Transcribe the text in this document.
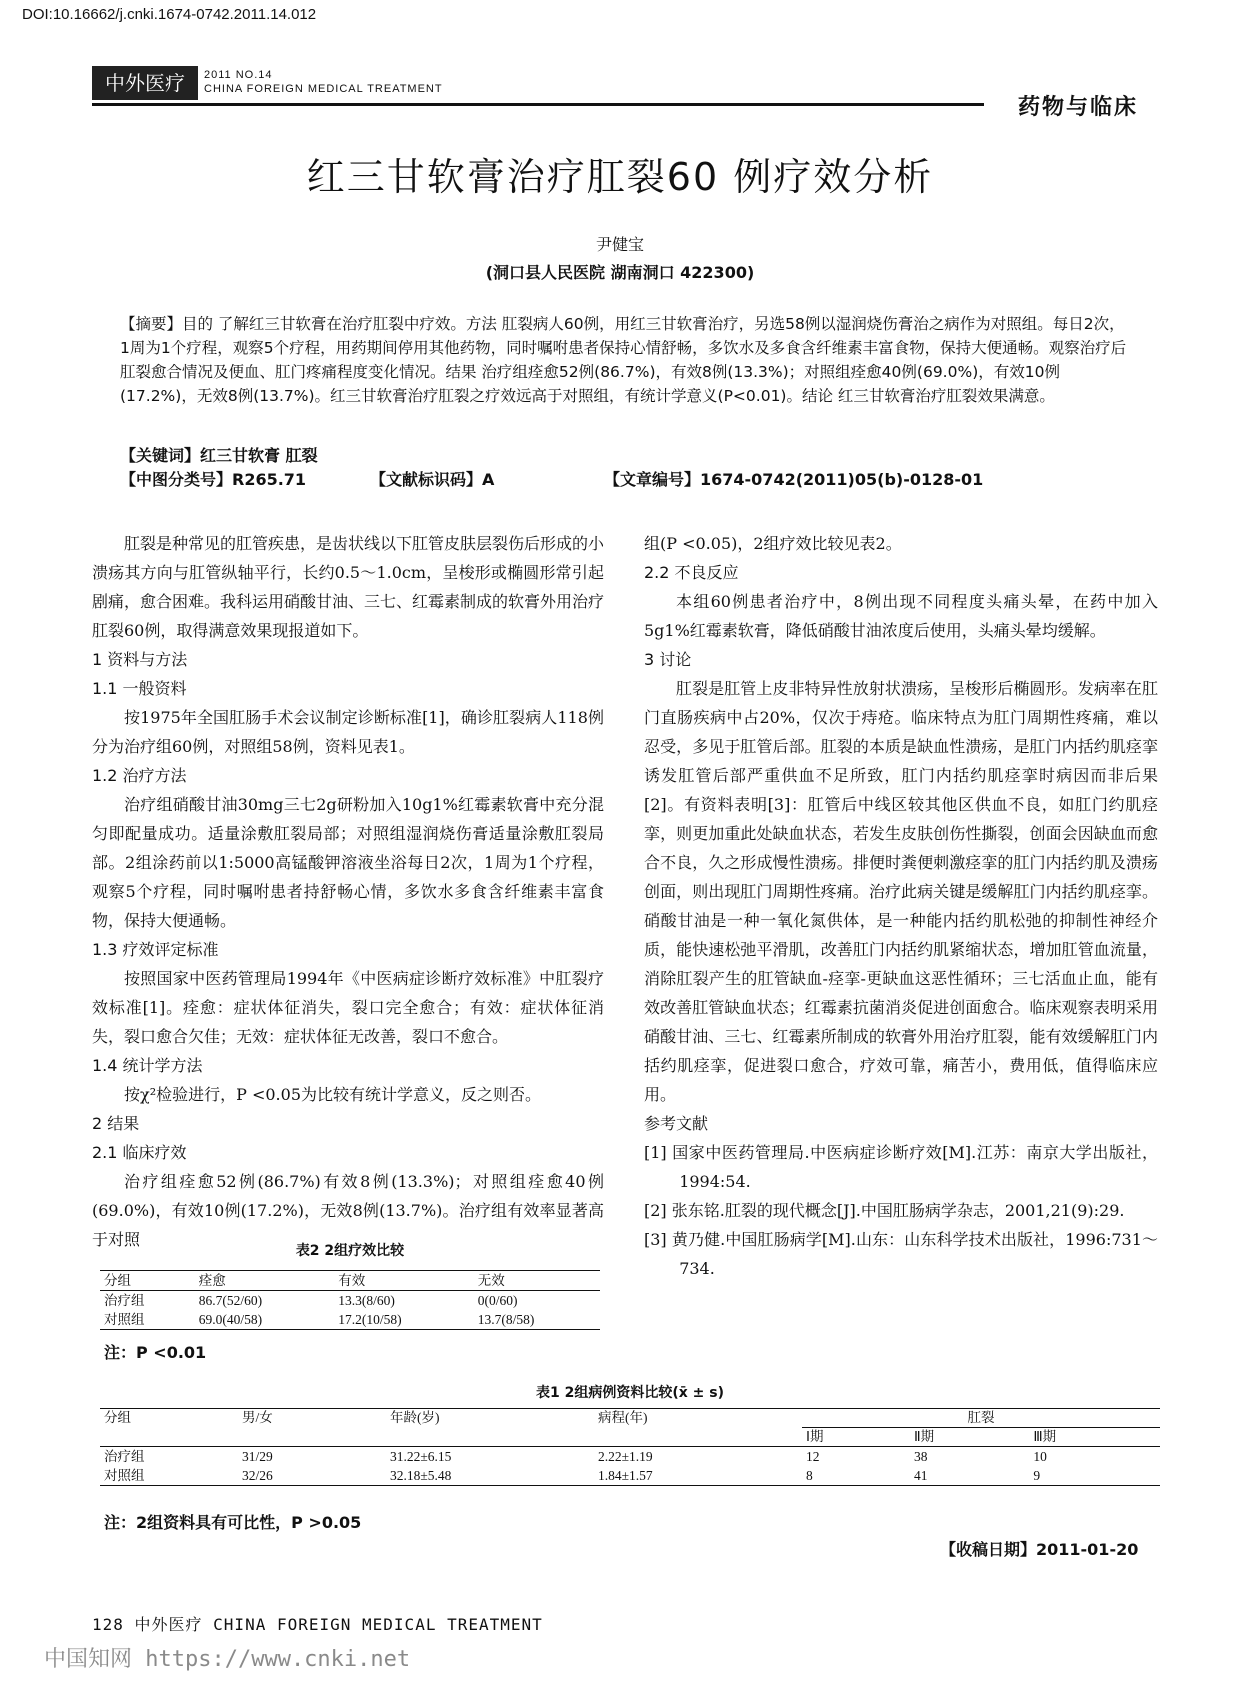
DOI:10.16662/j.cnki.1674-0742.2011.14.012
中外医疗	2011 NO.14
CHINA FOREIGN MEDICAL TREATMENT
药物与临床
红三甘软膏治疗肛裂60 例疗效分析
尹健宝
(洞口县人民医院 湖南洞口 422300)
【摘要】目的 了解红三甘软膏在治疗肛裂中疗效。方法 肛裂病人60例，用红三甘软膏治疗，另选58例以湿润烧伤膏治之病作为对照组。每日2次，1周为1个疗程，观察5个疗程，用药期间停用其他药物，同时嘱咐患者保持心情舒畅，多饮水及多食含纤维素丰富食物，保持大便通畅。观察治疗后肛裂愈合情况及便血、肛门疼痛程度变化情况。结果 治疗组痊愈52例(86.7%)，有效8例(13.3%)；对照组痊愈40例(69.0%)，有效10例(17.2%)，无效8例(13.7%)。红三甘软膏治疗肛裂之疗效远高于对照组，有统计学意义(P<0.01)。结论 红三甘软膏治疗肛裂效果满意。
【关键词】红三甘软膏 肛裂
【中图分类号】R265.71	【文献标识码】A	【文章编号】1674-0742(2011)05(b)-0128-01

肛裂是种常见的肛管疾患，是齿状线以下肛管皮肤层裂伤后形成的小溃疡其方向与肛管纵轴平行，长约0.5～1.0cm，呈梭形或椭圆形常引起剧痛，愈合困难。我科运用硝酸甘油、三七、红霉素制成的软膏外用治疗肛裂60例，取得满意效果现报道如下。

1 资料与方法

1.1 一般资料

按1975年全国肛肠手术会议制定诊断标准[1]，确诊肛裂病人118例分为治疗组60例，对照组58例，资料见表1。

1.2 治疗方法

治疗组硝酸甘油30mg三七2g研粉加入10g1%红霉素软膏中充分混匀即配量成功。适量涂敷肛裂局部；对照组湿润烧伤膏适量涂敷肛裂局部。2组涂药前以1:5000高锰酸钾溶液坐浴每日2次，1周为1个疗程，观察5个疗程，同时嘱咐患者持舒畅心情，多饮水多食含纤维素丰富食物，保持大便通畅。

1.3 疗效评定标准

按照国家中医药管理局1994年《中医病症诊断疗效标准》中肛裂疗效标准[1]。痊愈：症状体征消失，裂口完全愈合；有效：症状体征消失，裂口愈合欠佳；无效：症状体征无改善，裂口不愈合。

1.4 统计学方法

按χ²检验进行，P <0.05为比较有统计学意义，反之则否。

2 结果

2.1 临床疗效

治疗组痊愈52例(86.7%)有效8例(13.3%)；对照组痊愈40例(69.0%)，有效10例(17.2%)，无效8例(13.7%)。治疗组有效率显著高于对照

组(P <0.05)，2组疗效比较见表2。

2.2 不良反应

本组60例患者治疗中，8例出现不同程度头痛头晕，在药中加入5g1%红霉素软膏，降低硝酸甘油浓度后使用，头痛头晕均缓解。

3 讨论

肛裂是肛管上皮非特异性放射状溃疡，呈梭形后椭圆形。发病率在肛门直肠疾病中占20%，仅次于痔疮。临床特点为肛门周期性疼痛，难以忍受，多见于肛管后部。肛裂的本质是缺血性溃疡，是肛门内括约肌痉挛诱发肛管后部严重供血不足所致，肛门内括约肌痉挛时病因而非后果[2]。有资料表明[3]：肛管后中线区较其他区供血不良，如肛门约肌痉挛，则更加重此处缺血状态，若发生皮肤创伤性撕裂，创面会因缺血而愈合不良，久之形成慢性溃疡。排便时粪便刺激痉挛的肛门内括约肌及溃疡创面，则出现肛门周期性疼痛。治疗此病关键是缓解肛门内括约肌痉挛。硝酸甘油是一种一氧化氮供体，是一种能内括约肌松弛的抑制性神经介质，能快速松弛平滑肌，改善肛门内括约肌紧缩状态，增加肛管血流量，消除肛裂产生的肛管缺血-痉挛-更缺血这恶性循环；三七活血止血，能有效改善肛管缺血状态；红霉素抗菌消炎促进创面愈合。临床观察表明采用硝酸甘油、三七、红霉素所制成的软膏外用治疗肛裂，能有效缓解肛门内括约肌痉挛，促进裂口愈合，疗效可靠，痛苦小，费用低，值得临床应用。

参考文献

[1] 国家中医药管理局.中医病症诊断疗效[M].江苏：南京大学出版社，1994:54.

[2] 张东铭.肛裂的现代概念[J].中国肛肠病学杂志，2001,21(9):29.

[3] 黄乃健.中国肛肠病学[M].山东：山东科学技术出版社，1996:731～734.

表2 2组疗效比较
分组	痊愈	有效	无效
治疗组	86.7(52/60)	13.3(8/60)	0(0/60)
对照组	69.0(40/58)	17.2(10/58)	13.7(8/58)
注：P <0.01
表1 2组病例资料比较(x̄ ± s)
分组	男/女	年龄(岁)	病程(年)	肛裂		
				Ⅰ期	Ⅱ期	Ⅲ期
治疗组	31/29	31.22±6.15	2.22±1.19	12	38	10
对照组	32/26	32.18±5.48	1.84±1.57	8	41	9
注：2组资料具有可比性，P >0.05
【收稿日期】2011-01-20
128 中外医疗 CHINA FOREIGN MEDICAL TREATMENT
中国知网 https://www.cnki.net
